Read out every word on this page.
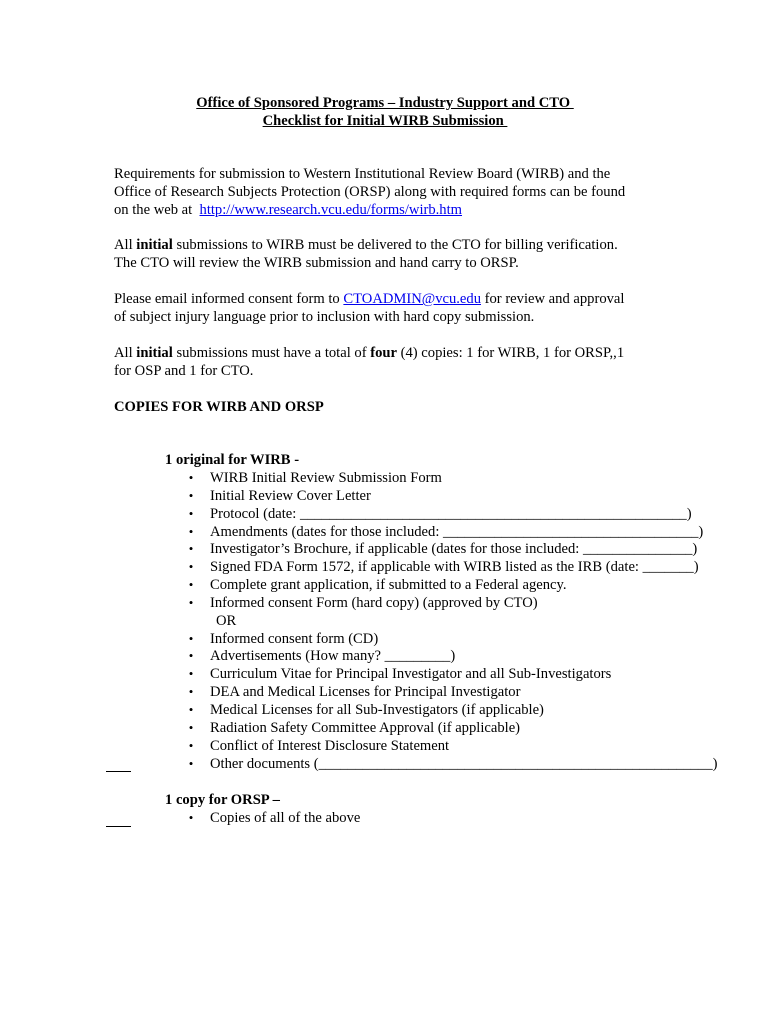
Office of Sponsored Programs – Industry Support and CTO
Checklist for Initial WIRB Submission
Requirements for submission to Western Institutional Review Board (WIRB) and the
Office of Research Subjects Protection (ORSP) along with required forms can be found
on the web at  http://www.research.vcu.edu/forms/wirb.htm
All initial submissions to WIRB must be delivered to the CTO for billing verification.
The CTO will review the WIRB submission and hand carry to ORSP.
Please email informed consent form to CTOADMIN@vcu.edu for review and approval
of subject injury language prior to inclusion with hard copy submission.
All initial submissions must have a total of four (4) copies: 1 for WIRB, 1 for ORSP,,1
for OSP and 1 for CTO.
COPIES FOR WIRB AND ORSP
1 original for WIRB -
• WIRB Initial Review Submission Form
• Initial Review Cover Letter
• Protocol (date: _____________________________________________________)
• Amendments (dates for those included: ___________________________________)
• Investigator’s Brochure, if applicable (dates for those included: _______________)
• Signed FDA Form 1572, if applicable with WIRB listed as the IRB (date: _______)
• Complete grant application, if submitted to a Federal agency.
• Informed consent Form (hard copy) (approved by CTO)
OR
• Informed consent form (CD)
• Advertisements (How many? _________)
• Curriculum Vitae for Principal Investigator and all Sub-Investigators
• DEA and Medical Licenses for Principal Investigator
• Medical Licenses for all Sub-Investigators (if applicable)
• Radiation Safety Committee Approval (if applicable)
• Conflict of Interest Disclosure Statement
• Other documents (______________________________________________________)
1 copy for ORSP –
• Copies of all of the above
